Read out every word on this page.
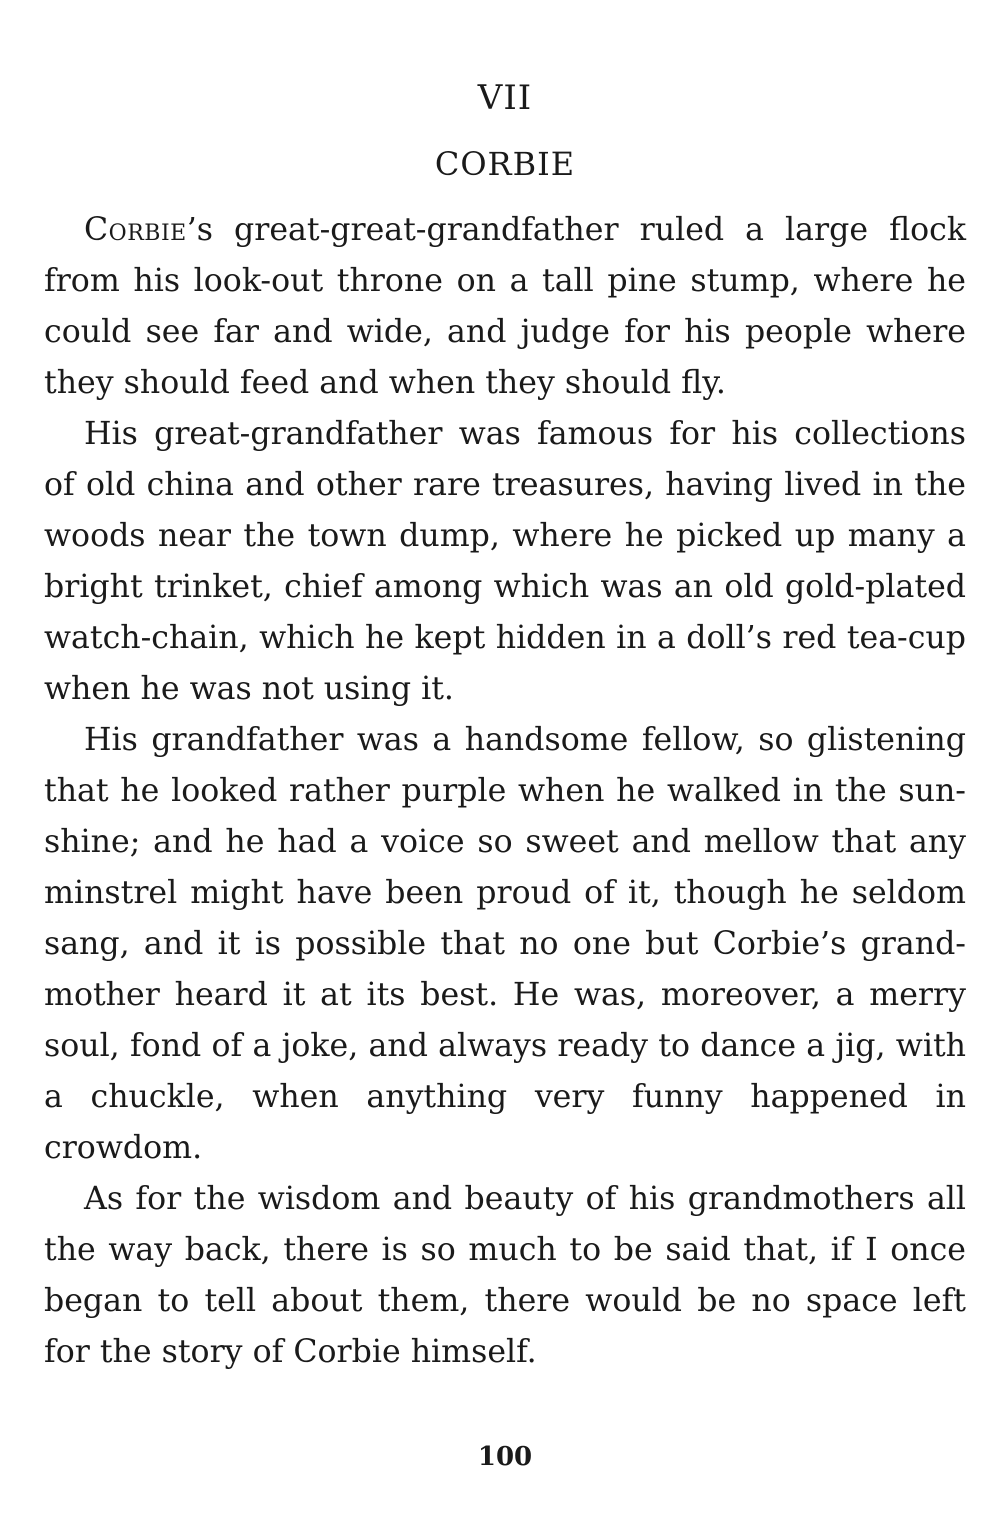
VII
CORBIE

Corbie’s great-great-grandfather ruled a large flock from his look-out throne on a tall pine stump, where he could see far and wide, and judge for his people where they should feed and when they should fly.

His great-grandfather was famous for his collections of old china and other rare treasures, having lived in the woods near the town dump, where he picked up many a bright trinket, chief among which was an old gold-plated watch-chain, which he kept hidden in a doll’s red tea-cup when he was not using it.

His grandfather was a handsome fellow, so glistening that he looked rather purple when he walked in the sun-shine; and he had a voice so sweet and mellow that any minstrel might have been proud of it, though he seldom sang, and it is possible that no one but Corbie’s grand-mother heard it at its best. He was, moreover, a merry soul, fond of a joke, and always ready to dance a jig, with a chuckle, when anything very funny happened in crowdom.

As for the wisdom and beauty of his grandmothers all the way back, there is so much to be said that, if I once began to tell about them, there would be no space left for the story of Corbie himself.

100
